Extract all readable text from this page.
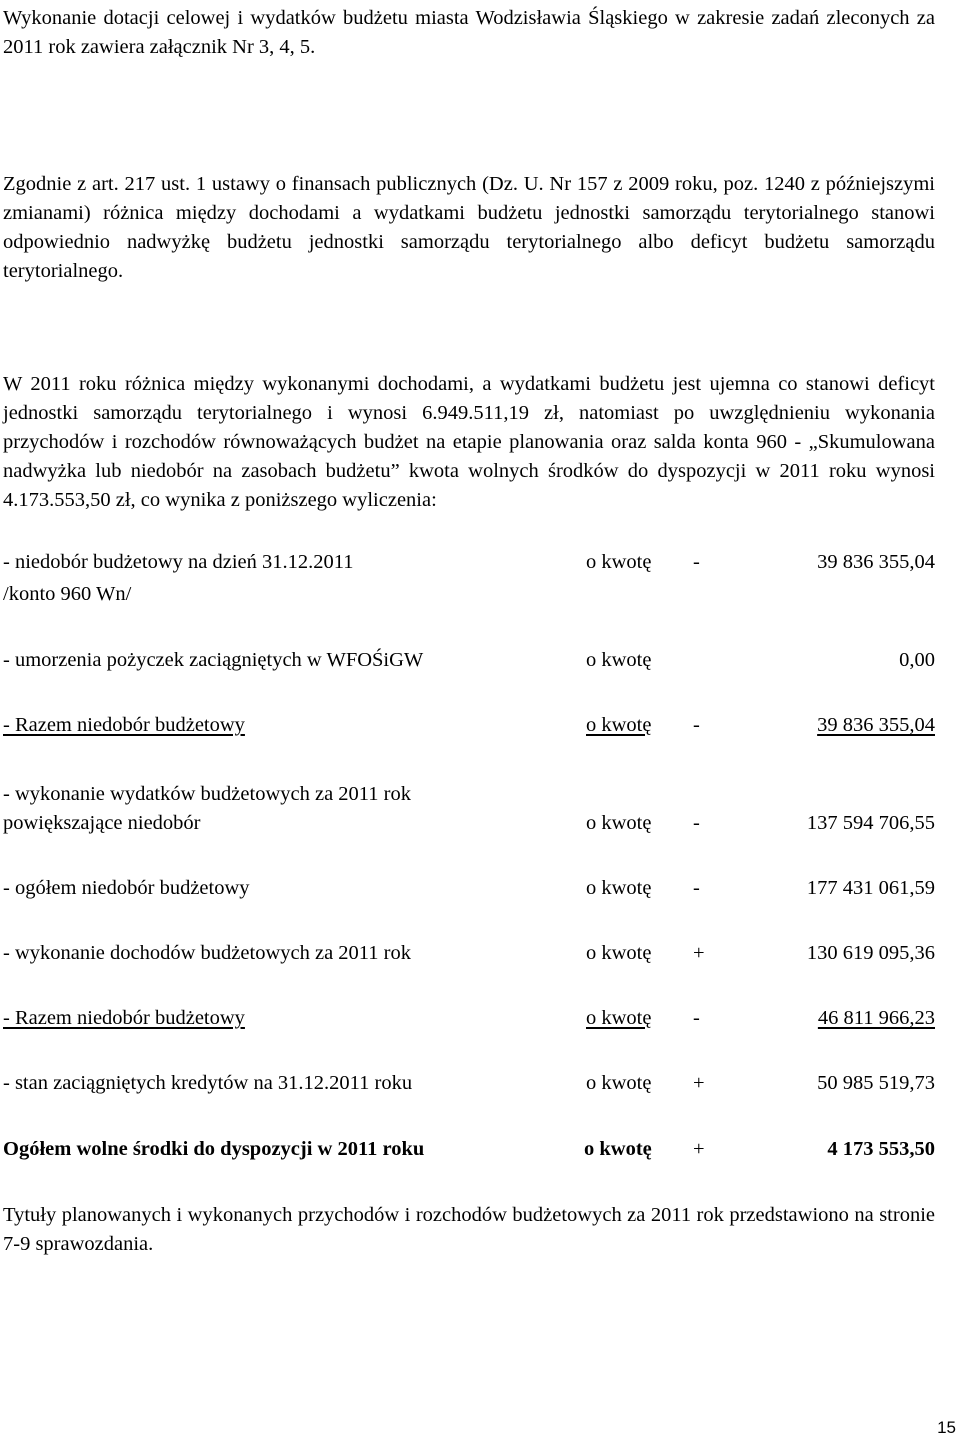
Wykonanie dotacji celowej i wydatków budżetu miasta Wodzisławia Śląskiego w zakresie zadań zleconych za 2011 rok zawiera załącznik Nr 3, 4, 5.

Zgodnie z art. 217 ust. 1 ustawy o finansach publicznych (Dz. U. Nr 157 z 2009 roku, poz. 1240 z późniejszymi zmianami) różnica między dochodami a wydatkami budżetu jednostki samorządu terytorialnego stanowi odpowiednio nadwyżkę budżetu jednostki samorządu terytorialnego albo deficyt budżetu samorządu terytorialnego.

W 2011 roku różnica między wykonanymi dochodami, a wydatkami budżetu jest ujemna co stanowi deficyt jednostki samorządu terytorialnego i wynosi 6.949.511,19 zł, natomiast po uwzględnieniu wykonania przychodów i rozchodów równoważących budżet na etapie planowania oraz salda konta 960 - „Skumulowana nadwyżka lub niedobór na zasobach budżetu” kwota wolnych środków do dyspozycji w 2011 roku wynosi 4.173.553,50 zł, co wynika z poniższego wyliczenia:

- niedobór budżetowy na dzień 31.12.2011	o kwotę -	39 836 355,04
/konto 960 Wn/
- umorzenia pożyczek zaciągniętych w WFOŚiGW	o kwotę	0,00
- Razem niedobór budżetowy	o kwotę -	39 836 355,04
- wykonanie wydatków budżetowych za 2011 rok
powiększające niedobór	o kwotę -	137 594 706,55
- ogółem niedobór budżetowy	o kwotę -	177 431 061,59
- wykonanie dochodów budżetowych za 2011 rok	o kwotę +	130 619 095,36
- Razem niedobór budżetowy	o kwotę -	46 811 966,23
- stan zaciągniętych kredytów na 31.12.2011 roku	o kwotę +	50 985 519,73
Ogółem wolne środki do dyspozycji w 2011 roku	o kwotę +	4 173 553,50

Tytuły planowanych i wykonanych przychodów i rozchodów budżetowych za 2011 rok przedstawiono na stronie 7-9 sprawozdania.

15
